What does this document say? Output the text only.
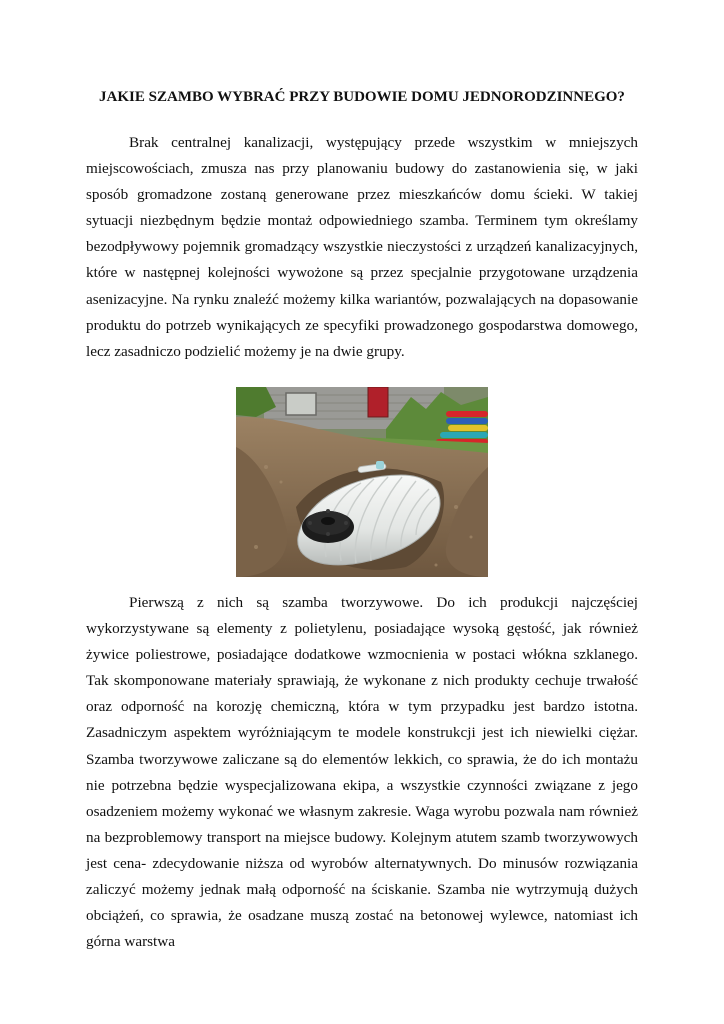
JAKIE SZAMBO WYBRAĆ PRZY BUDOWIE DOMU JEDNORODZINNEGO?

Brak centralnej kanalizacji, występujący przede wszystkim w mniejszych miejscowościach, zmusza nas przy planowaniu budowy do zastanowienia się, w jaki sposób gromadzone zostaną generowane przez mieszkańców domu ścieki. W takiej sytuacji niezbędnym będzie montaż odpowiedniego szamba. Terminem tym określamy bezodpływowy pojemnik gromadzący wszystkie nieczystości z urządzeń kanalizacyjnych, które w następnej kolejności wywożone są przez specjalnie przygotowane urządzenia asenizacyjne. Na rynku znaleźć możemy kilka wariantów, pozwalających na dopasowanie produktu do potrzeb wynikających ze specyfiki prowadzonego gospodarstwa domowego, lecz zasadniczo podzielić możemy je na dwie grupy.

Pierwszą z nich są szamba tworzywowe. Do ich produkcji najczęściej wykorzystywane są elementy z polietylenu, posiadające wysoką gęstość, jak również żywice poliestrowe, posiadające dodatkowe wzmocnienia w postaci włókna szklanego. Tak skomponowane materiały sprawiają, że wykonane z nich produkty cechuje trwałość oraz odporność na korozję chemiczną, która w tym przypadku jest bardzo istotna. Zasadniczym aspektem wyróżniającym te modele konstrukcji jest ich niewielki ciężar. Szamba tworzywowe zaliczane są do elementów lekkich, co sprawia, że do ich montażu nie potrzebna będzie wyspecjalizowana ekipa, a wszystkie czynności związane z jego osadzeniem możemy wykonać we własnym zakresie. Waga wyrobu pozwala nam również na bezproblemowy transport na miejsce budowy. Kolejnym atutem szamb tworzywowych jest cena- zdecydowanie niższa od wyrobów alternatywnych. Do minusów rozwiązania zaliczyć możemy jednak małą odporność na ściskanie. Szamba nie wytrzymują dużych obciążeń, co sprawia, że osadzane muszą zostać na betonowej wylewce, natomiast ich górna warstwa
